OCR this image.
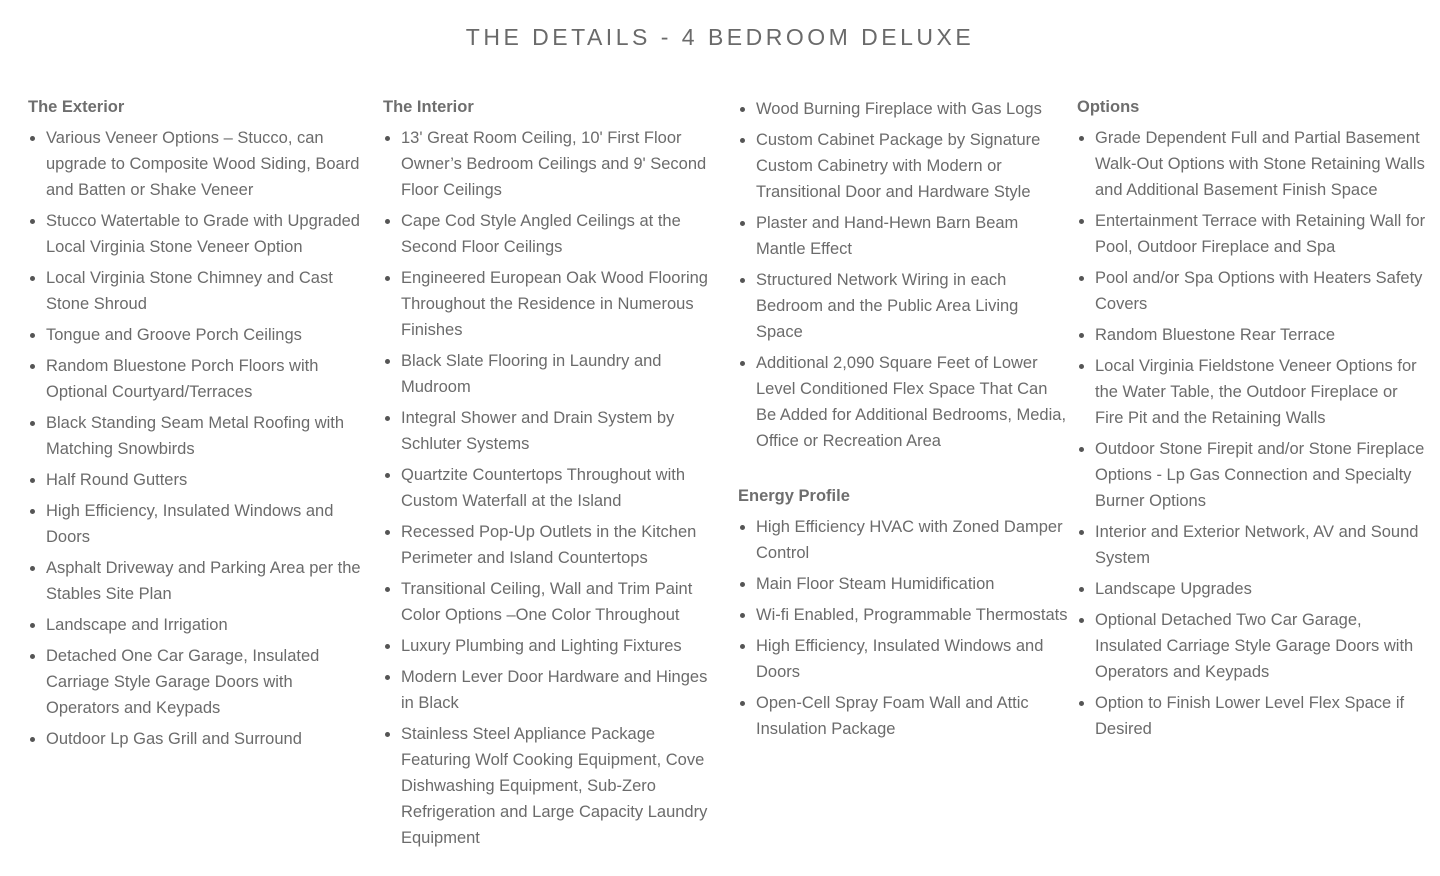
THE DETAILS - 4 BEDROOM DELUXE
The Exterior
Various Veneer Options – Stucco, can upgrade to Composite Wood Siding, Board and Batten or Shake Veneer
Stucco Watertable to Grade with Upgraded Local Virginia Stone Veneer Option
Local Virginia Stone Chimney and Cast Stone Shroud
Tongue and Groove Porch Ceilings
Random Bluestone Porch Floors with Optional Courtyard/Terraces
Black Standing Seam Metal Roofing with Matching Snowbirds
Half Round Gutters
High Efficiency, Insulated Windows and Doors
Asphalt Driveway and Parking Area per the Stables Site Plan
Landscape and Irrigation
Detached One Car Garage, Insulated Carriage Style Garage Doors with Operators and Keypads
Outdoor Lp Gas Grill and Surround
The Interior
13' Great Room Ceiling, 10' First Floor Owner’s Bedroom Ceilings and 9' Second Floor Ceilings
Cape Cod Style Angled Ceilings at the Second Floor Ceilings
Engineered European Oak Wood Flooring Throughout the Residence in Numerous Finishes
Black Slate Flooring in Laundry and Mudroom
Integral Shower and Drain System by Schluter Systems
Quartzite Countertops Throughout with Custom Waterfall at the Island
Recessed Pop-Up Outlets in the Kitchen Perimeter and Island Countertops
Transitional Ceiling, Wall and Trim Paint Color Options –One Color Throughout
Luxury Plumbing and Lighting Fixtures
Modern Lever Door Hardware and Hinges in Black
Stainless Steel Appliance Package Featuring Wolf Cooking Equipment, Cove Dishwashing Equipment, Sub-Zero Refrigeration and Large Capacity Laundry Equipment
Wood Burning Fireplace with Gas Logs
Custom Cabinet Package by Signature Custom Cabinetry with Modern or Transitional Door and Hardware Style
Plaster and Hand-Hewn Barn Beam Mantle Effect
Structured Network Wiring in each Bedroom and the Public Area Living Space
Additional 2,090 Square Feet of Lower Level Conditioned Flex Space That Can Be Added for Additional Bedrooms, Media, Office or Recreation Area
Energy Profile
High Efficiency HVAC with Zoned Damper Control
Main Floor Steam Humidification
Wi-fi Enabled, Programmable Thermostats
High Efficiency, Insulated Windows and Doors
Open-Cell Spray Foam Wall and Attic Insulation Package
Options
Grade Dependent Full and Partial Basement Walk-Out Options with Stone Retaining Walls and Additional Basement Finish Space
Entertainment Terrace with Retaining Wall for Pool, Outdoor Fireplace and Spa
Pool and/or Spa Options with Heaters Safety Covers
Random Bluestone Rear Terrace
Local Virginia Fieldstone Veneer Options for the Water Table, the Outdoor Fireplace or Fire Pit and the Retaining Walls
Outdoor Stone Firepit and/or Stone Fireplace Options - Lp Gas Connection and Specialty Burner Options
Interior and Exterior Network, AV and Sound System
Landscape Upgrades
Optional Detached Two Car Garage, Insulated Carriage Style Garage Doors with Operators and Keypads
Option to Finish Lower Level Flex Space if Desired
